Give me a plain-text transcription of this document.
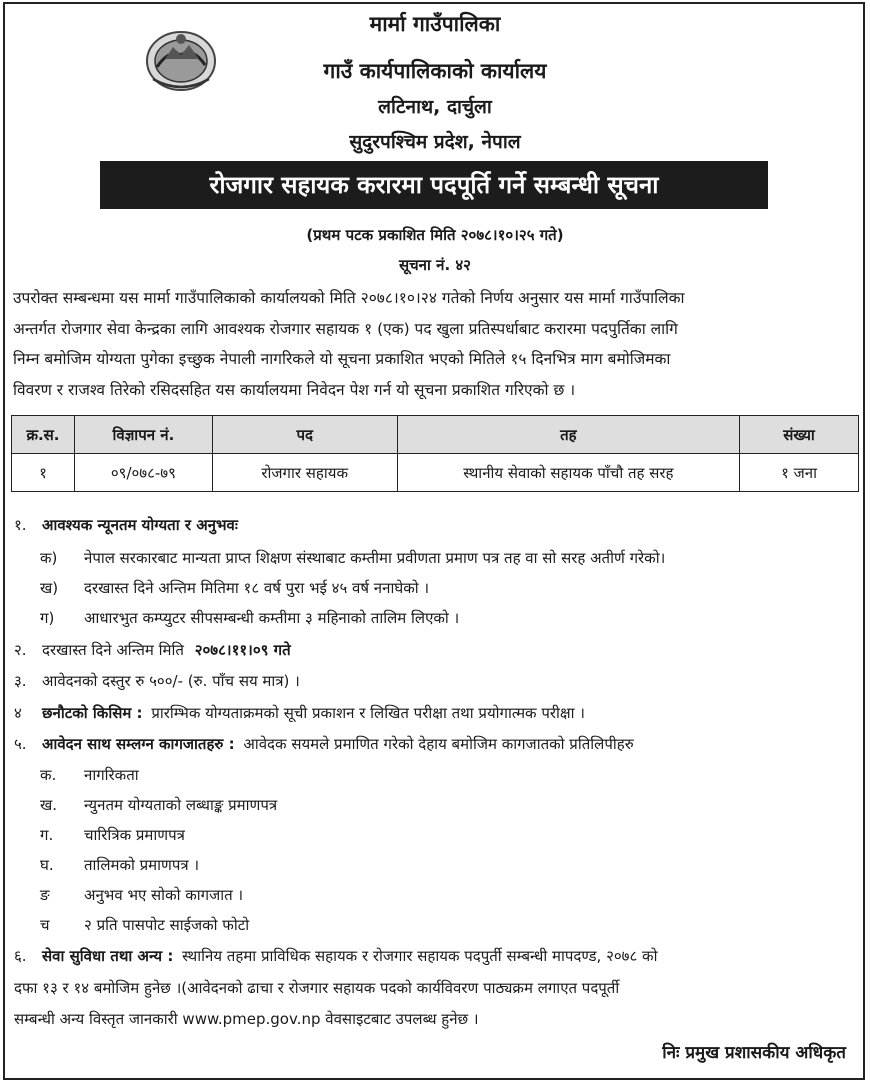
मार्मा गाउँपालिका
गाउँ कार्यपालिकाको कार्यालय
लटिनाथ, दार्चुला
सुदुरपश्चिम प्रदेश, नेपाल
रोजगार सहायक करारमा पदपूर्ति गर्ने सम्बन्धी सूचना
(प्रथम पटक प्रकाशित मिति २०७८।१०।२५ गते)
सूचना नं. ४२
उपरोक्त सम्बन्धमा यस मार्मा गाउँपालिकाको कार्यालयको मिति २०७८।१०।२४ गतेको निर्णय अनुसार यस मार्मा गाउँपालिका
अन्तर्गत रोजगार सेवा केन्द्रका लागि आवश्यक रोजगार सहायक १ (एक) पद खुला प्रतिस्पर्धाबाट करारमा पदपुर्तिका लागि
निम्न बमोजिम योग्यता पुगेका इच्छुक नेपाली नागरिकले यो सूचना प्रकाशित भएको मितिले १५ दिनभित्र माग बमोजिमका
विवरण र राजश्व तिरेको रसिदसहित यस कार्यालयमा निवेदन पेश गर्न यो सूचना प्रकाशित गरिएको छ ।
क्र.स.	विज्ञापन नं.	पद	तह	संख्या
१	०९/०७८-७९	रोजगार सहायक	स्थानीय सेवाको सहायक पाँचौ तह सरह	१ जना
१. आवश्यक न्यूनतम योग्यता र अनुभवः
क) नेपाल सरकारबाट मान्यता प्राप्त शिक्षण संस्थाबाट कम्तीमा प्रवीणता प्रमाण पत्र तह वा सो सरह अतीर्ण गरेको।
ख) दरखास्त दिने अन्तिम मितिमा १८ वर्ष पुरा भई ४५ वर्ष ननाघेको ।
ग) आधारभुत कम्प्युटर सीपसम्बन्धी कम्तीमा ३ महिनाको तालिम लिएको ।
२. दरखास्त दिने अन्तिम मिति २०७८।११।०९ गते
३. आवेदनको दस्तुर रु ५००/- (रु. पाँच सय मात्र) ।
४ छनौटको किसिम : प्रारम्भिक योग्यताक्रमको सूची प्रकाशन र लिखित परीक्षा तथा प्रयोगात्मक परीक्षा ।
५. आवेदन साथ सम्लग्न कागजातहरु : आवेदक सयमले प्रमाणित गरेको देहाय बमोजिम कागजातको प्रतिलिपीहरु
क. नागरिकता
ख. न्युनतम योग्यताको लब्धाङ्क प्रमाणपत्र
ग. चारित्रिक प्रमाणपत्र
घ. तालिमको प्रमाणपत्र ।
ङ अनुभव भए सोको कागजात ।
च २ प्रति पासपोट साईजको फोटो
६. सेवा सुविधा तथा अन्य : स्थानिय तहमा प्राविधिक सहायक र रोजगार सहायक पदपुर्ती सम्बन्धी मापदण्ड, २०७८ को
दफा १३ र १४ बमोजिम हुनेछ ।(आवेदनको ढाचा र रोजगार सहायक पदको कार्यविवरण पाठ्यक्रम लगाएत पदपूर्ती
सम्बन्धी अन्य विस्तृत जानकारी www.pmep.gov.np वेवसाइटबाट उपलब्ध हुनेछ ।
निः प्रमुख प्रशासकीय अधिकृत
